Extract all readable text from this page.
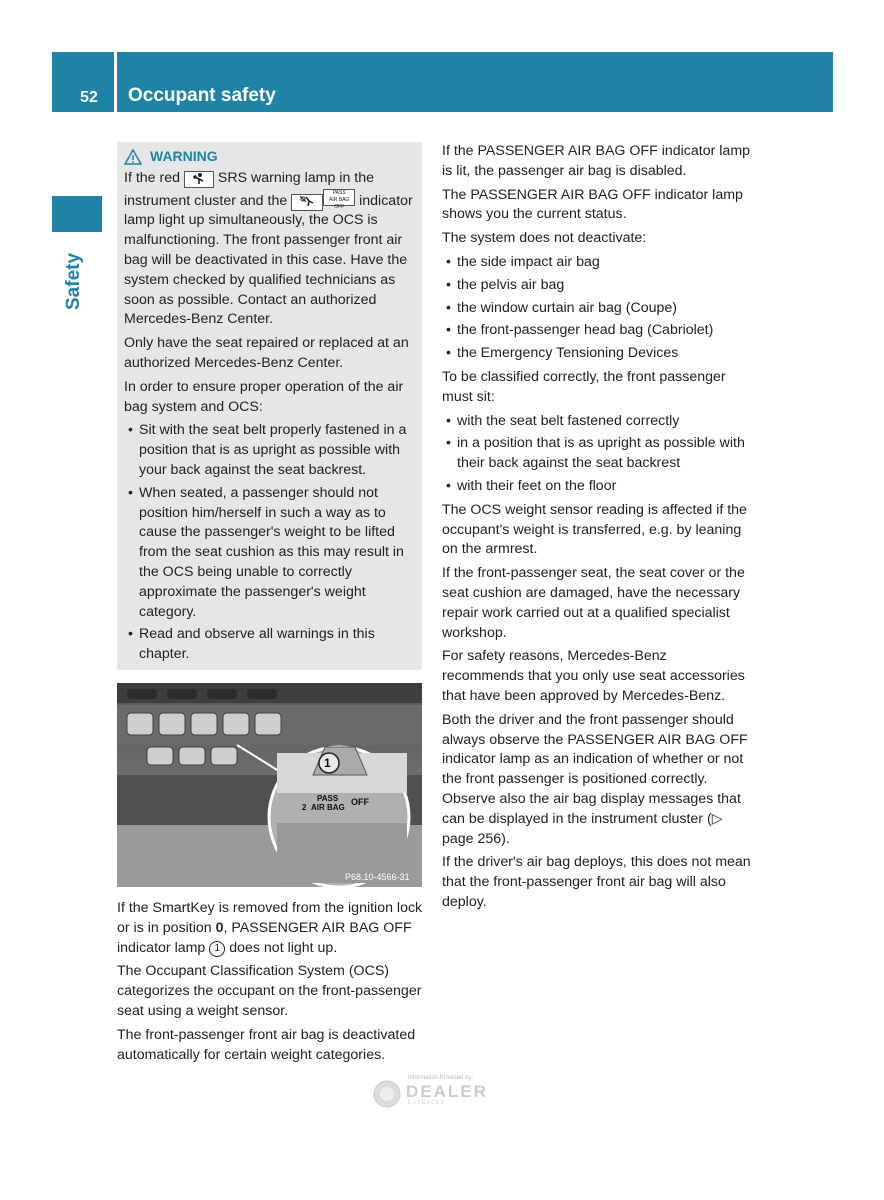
52 Occupant safety
Safety
WARNING

If the red  SRS warning lamp in the instrument cluster and the	PASS
AIR BAG OFF indicator lamp light up simultaneously, the OCS is malfunctioning. The front passenger front air bag will be deactivated in this case. Have the system checked by qualified technicians as soon as possible. Contact an authorized Mercedes-Benz Center.

Only have the seat repaired or replaced at an authorized Mercedes-Benz Center.

In order to ensure proper operation of the air bag system and OCS:

• Sit with the seat belt properly fastened in a position that is as upright as possible with your back against the seat backrest.
• When seated, a passenger should not position him/herself in such a way as to cause the passenger's weight to be lifted from the seat cushion as this may result in the OCS being unable to correctly approximate the passenger's weight category.
• Read and observe all warnings in this chapter.
1
PASS
AIR BAG
OFF
2
P68.10-4566-31

If the SmartKey is removed from the ignition lock or is in position 0, PASSENGER AIR BAG OFF indicator lamp 1 does not light up.

The Occupant Classification System (OCS) categorizes the occupant on the front-passenger seat using a weight sensor.

The front-passenger front air bag is deactivated automatically for certain weight categories.

If the PASSENGER AIR BAG OFF indicator lamp is lit, the passenger air bag is disabled.

The PASSENGER AIR BAG OFF indicator lamp shows you the current status.

The system does not deactivate:

• the side impact air bag
• the pelvis air bag
• the window curtain air bag (Coupe)
• the front-passenger head bag (Cabriolet)
• the Emergency Tensioning Devices

To be classified correctly, the front passenger must sit:

• with the seat belt fastened correctly
• in a position that is as upright as possible with their back against the seat backrest
• with their feet on the floor

The OCS weight sensor reading is affected if the occupant's weight is transferred, e.g. by leaning on the armrest.

If the front-passenger seat, the seat cover or the seat cushion are damaged, have the necessary repair work carried out at a qualified specialist workshop.

For safety reasons, Mercedes-Benz recommends that you only use seat accessories that have been approved by Mercedes-Benz.

Both the driver and the front passenger should always observe the PASSENGER AIR BAG OFF indicator lamp as an indication of whether or not the front passenger is positioned correctly. Observe also the air bag display messages that can be displayed in the instrument cluster (▷ page 256).

If the driver's air bag deploys, this does not mean that the front-passenger front air bag will also deploy.

Information Provided by:
DEALER
E X T R A C E S
